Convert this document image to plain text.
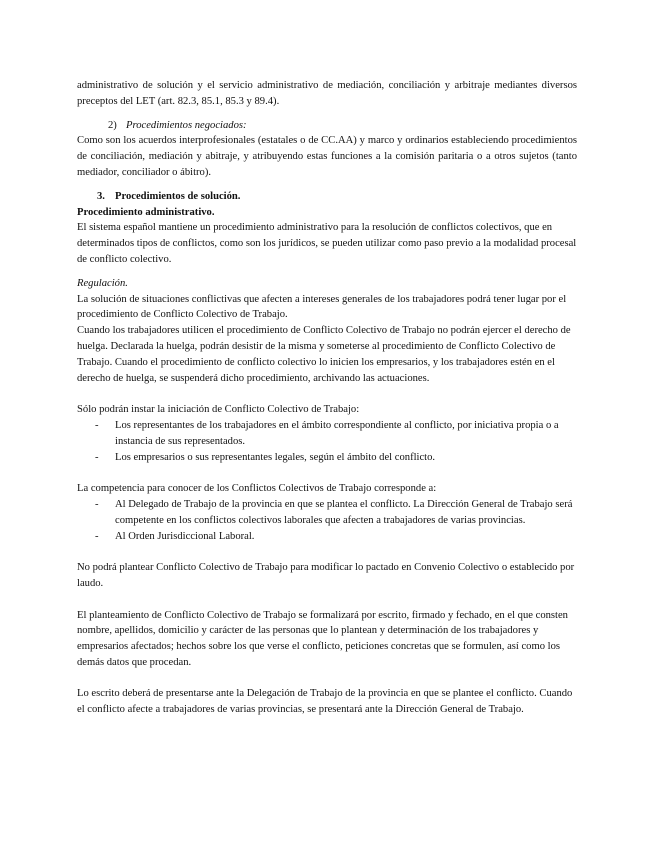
administrativo de solución y el servicio administrativo de mediación, conciliación y arbitraje mediantes diversos preceptos del LET (art. 82.3, 85.1, 85.3 y 89.4).

2) Procedimientos negociados:

Como son los acuerdos interprofesionales (estatales o de CC.AA) y marco y ordinarios estableciendo procedimientos de conciliación, mediación y abitraje, y atribuyendo estas funciones a la comisión paritaria o a otros sujetos (tanto mediador, conciliador o ábitro).

3. Procedimientos de solución.

Procedimiento administrativo.

El sistema español mantiene un procedimiento administrativo para la resolución de conflictos colectivos, que en determinados tipos de conflictos, como son los jurídicos, se pueden utilizar como paso previo a la modalidad procesal de conflicto colectivo.

Regulación.

La solución de situaciones conflictivas que afecten a intereses generales de los trabajadores podrá tener lugar por el procedimiento de Conflicto Colectivo de Trabajo.

Cuando los trabajadores utilicen el procedimiento de Conflicto Colectivo de Trabajo no podrán ejercer el derecho de huelga. Declarada la huelga, podrán desistir de la misma y someterse al procedimiento de Conflicto Colectivo de Trabajo. Cuando el procedimiento de conflicto colectivo lo inicien los empresarios, y los trabajadores estén en el derecho de huelga, se suspenderá dicho procedimiento, archivando las actuaciones.

Sólo podrán instar la iniciación de Conflicto Colectivo de Trabajo:

- Los representantes de los trabajadores en el ámbito correspondiente al conflicto, por iniciativa propia o a instancia de sus representados.
- Los empresarios o sus representantes legales, según el ámbito del conflicto.

La competencia para conocer de los Conflictos Colectivos de Trabajo corresponde a:

- Al Delegado de Trabajo de la provincia en que se plantea el conflicto. La Dirección General de Trabajo será competente en los conflictos colectivos laborales que afecten a trabajadores de varias provincias.
- Al Orden Jurisdiccional Laboral.

No podrá plantear Conflicto Colectivo de Trabajo para modificar lo pactado en Convenio Colectivo o establecido por laudo.

El planteamiento de Conflicto Colectivo de Trabajo se formalizará por escrito, firmado y fechado, en el que consten nombre, apellidos, domicilio y carácter de las personas que lo plantean y determinación de los trabajadores y empresarios afectados; hechos sobre los que verse el conflicto, peticiones concretas que se formulen, así como los demás datos que procedan.

Lo escrito deberá de presentarse ante la Delegación de Trabajo de la provincia en que se plantee el conflicto. Cuando el conflicto afecte a trabajadores de varias provincias, se presentará ante la Dirección General de Trabajo.
